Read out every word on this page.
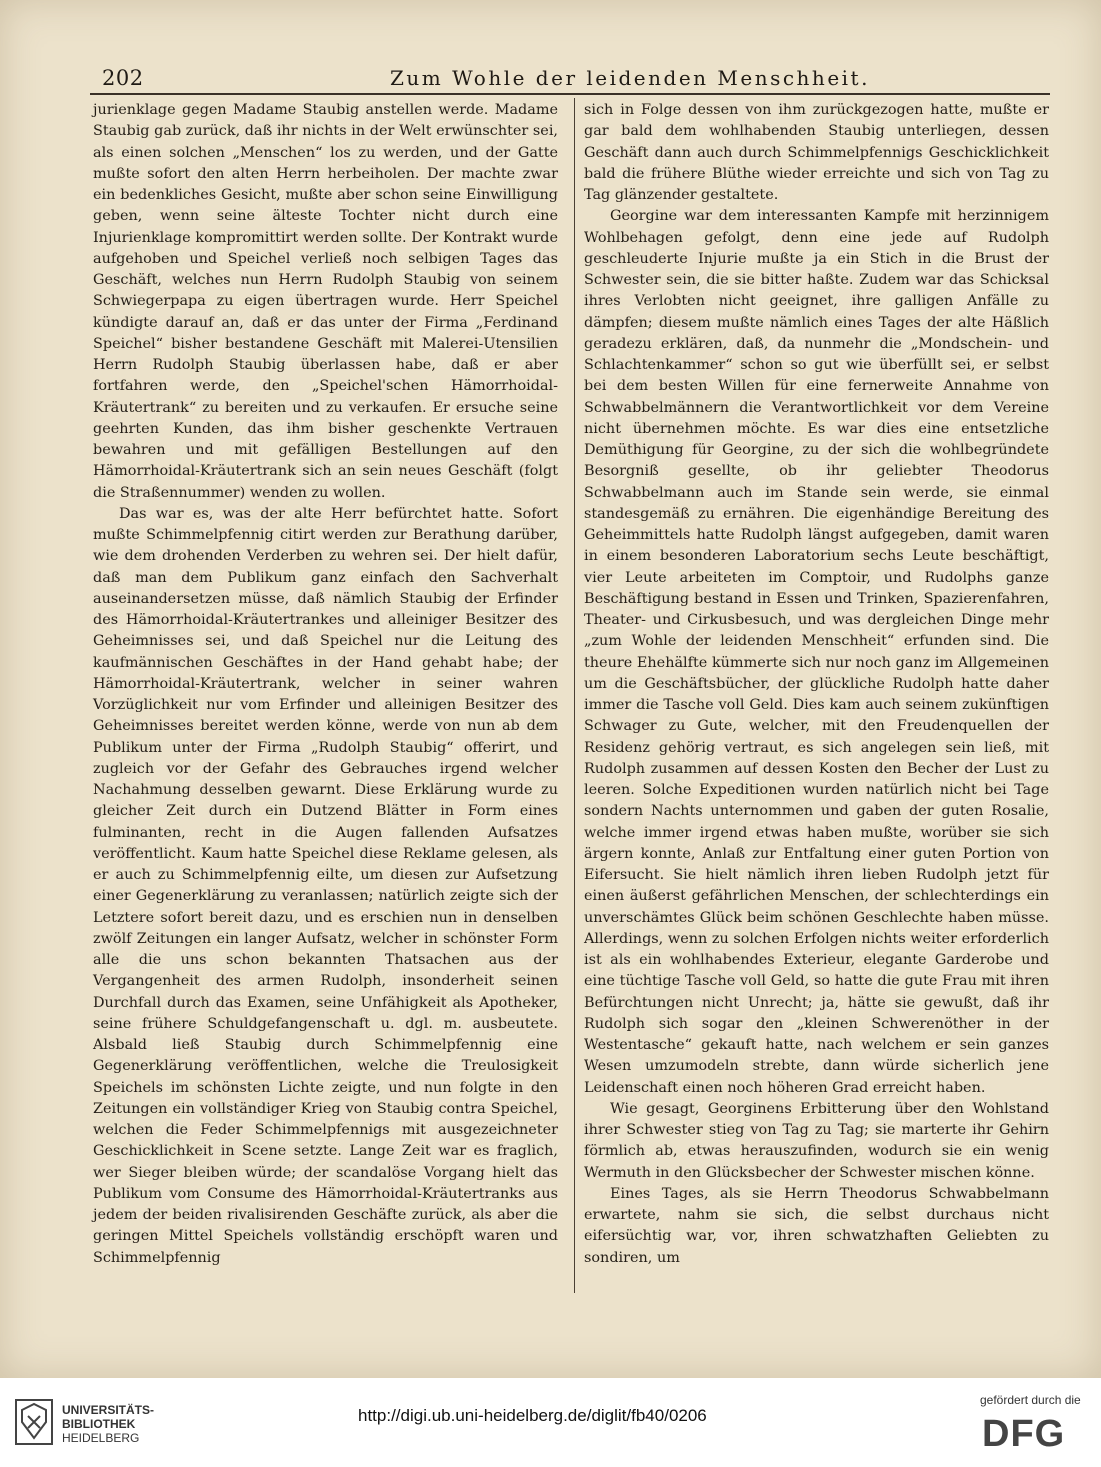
202	Zum Wohle der leidenden Menschheit.

jurienklage gegen Madame Staubig anstellen werde. Madame Staubig gab zurück, daß ihr nichts in der Welt erwünschter sei, als einen solchen „Menschen“ los zu werden, und der Gatte mußte sofort den alten Herrn herbeiholen. Der machte zwar ein bedenkliches Gesicht, mußte aber schon seine Einwilligung geben, wenn seine älteste Tochter nicht durch eine Injurienklage kompromittirt werden sollte. Der Kontrakt wurde aufgehoben und Speichel verließ noch selbigen Tages das Geschäft, welches nun Herrn Rudolph Staubig von seinem Schwiegerpapa zu eigen übertragen wurde. Herr Speichel kündigte darauf an, daß er das unter der Firma „Ferdinand Speichel“ bisher bestandene Geschäft mit Malerei-Utensilien Herrn Rudolph Staubig überlassen habe, daß er aber fortfahren werde, den „Speichel'schen Hämorrhoidal-Kräutertrank“ zu bereiten und zu verkaufen. Er ersuche seine geehrten Kunden, das ihm bisher geschenkte Vertrauen bewahren und mit gefälligen Bestellungen auf den Hämorrhoidal-Kräutertrank sich an sein neues Geschäft (folgt die Straßennummer) wenden zu wollen.

Das war es, was der alte Herr befürchtet hatte. Sofort mußte Schimmelpfennig citirt werden zur Berathung darüber, wie dem drohenden Verderben zu wehren sei. Der hielt dafür, daß man dem Publikum ganz einfach den Sachverhalt auseinandersetzen müsse, daß nämlich Staubig der Erfinder des Hämorrhoidal-Kräutertrankes und alleiniger Besitzer des Geheimnisses sei, und daß Speichel nur die Leitung des kaufmännischen Geschäftes in der Hand gehabt habe; der Hämorrhoidal-Kräutertrank, welcher in seiner wahren Vorzüglichkeit nur vom Erfinder und alleinigen Besitzer des Geheimnisses bereitet werden könne, werde von nun ab dem Publikum unter der Firma „Rudolph Staubig“ offerirt, und zugleich vor der Gefahr des Gebrauches irgend welcher Nachahmung desselben gewarnt. Diese Erklärung wurde zu gleicher Zeit durch ein Dutzend Blätter in Form eines fulminanten, recht in die Augen fallenden Aufsatzes veröffentlicht. Kaum hatte Speichel diese Reklame gelesen, als er auch zu Schimmelpfennig eilte, um diesen zur Aufsetzung einer Gegenerklärung zu veranlassen; natürlich zeigte sich der Letztere sofort bereit dazu, und es erschien nun in denselben zwölf Zeitungen ein langer Aufsatz, welcher in schönster Form alle die uns schon bekannten Thatsachen aus der Vergangenheit des armen Rudolph, insonderheit seinen Durchfall durch das Examen, seine Unfähigkeit als Apotheker, seine frühere Schuldgefangenschaft u. dgl. m. ausbeutete. Alsbald ließ Staubig durch Schimmelpfennig eine Gegenerklärung veröffentlichen, welche die Treulosigkeit Speichels im schönsten Lichte zeigte, und nun folgte in den Zeitungen ein vollständiger Krieg von Staubig contra Speichel, welchen die Feder Schimmelpfennigs mit ausgezeichneter Geschicklichkeit in Scene setzte. Lange Zeit war es fraglich, wer Sieger bleiben würde; der scandalöse Vorgang hielt das Publikum vom Consume des Hämorrhoidal-Kräutertranks aus jedem der beiden rivalisirenden Geschäfte zurück, als aber die geringen Mittel Speichels vollständig erschöpft waren und Schimmelpfennig

sich in Folge dessen von ihm zurückgezogen hatte, mußte er gar bald dem wohlhabenden Staubig unterliegen, dessen Geschäft dann auch durch Schimmelpfennigs Geschicklichkeit bald die frühere Blüthe wieder erreichte und sich von Tag zu Tag glänzender gestaltete.

Georgine war dem interessanten Kampfe mit herzinnigem Wohlbehagen gefolgt, denn eine jede auf Rudolph geschleuderte Injurie mußte ja ein Stich in die Brust der Schwester sein, die sie bitter haßte. Zudem war das Schicksal ihres Verlobten nicht geeignet, ihre galligen Anfälle zu dämpfen; diesem mußte nämlich eines Tages der alte Häßlich geradezu erklären, daß, da nunmehr die „Mondschein- und Schlachtenkammer“ schon so gut wie überfüllt sei, er selbst bei dem besten Willen für eine fernerweite Annahme von Schwabbelmännern die Verantwortlichkeit vor dem Vereine nicht übernehmen möchte. Es war dies eine entsetzliche Demüthigung für Georgine, zu der sich die wohlbegründete Besorgniß gesellte, ob ihr geliebter Theodorus Schwabbelmann auch im Stande sein werde, sie einmal standesgemäß zu ernähren. Die eigenhändige Bereitung des Geheimmittels hatte Rudolph längst aufgegeben, damit waren in einem besonderen Laboratorium sechs Leute beschäftigt, vier Leute arbeiteten im Comptoir, und Rudolphs ganze Beschäftigung bestand in Essen und Trinken, Spazierenfahren, Theater- und Cirkusbesuch, und was dergleichen Dinge mehr „zum Wohle der leidenden Menschheit“ erfunden sind. Die theure Ehehälfte kümmerte sich nur noch ganz im Allgemeinen um die Geschäftsbücher, der glückliche Rudolph hatte daher immer die Tasche voll Geld. Dies kam auch seinem zukünftigen Schwager zu Gute, welcher, mit den Freudenquellen der Residenz gehörig vertraut, es sich angelegen sein ließ, mit Rudolph zusammen auf dessen Kosten den Becher der Lust zu leeren. Solche Expeditionen wurden natürlich nicht bei Tage sondern Nachts unternommen und gaben der guten Rosalie, welche immer irgend etwas haben mußte, worüber sie sich ärgern konnte, Anlaß zur Entfaltung einer guten Portion von Eifersucht. Sie hielt nämlich ihren lieben Rudolph jetzt für einen äußerst gefährlichen Menschen, der schlechterdings ein unverschämtes Glück beim schönen Geschlechte haben müsse. Allerdings, wenn zu solchen Erfolgen nichts weiter erforderlich ist als ein wohlhabendes Exterieur, elegante Garderobe und eine tüchtige Tasche voll Geld, so hatte die gute Frau mit ihren Befürchtungen nicht Unrecht; ja, hätte sie gewußt, daß ihr Rudolph sich sogar den „kleinen Schwerenöther in der Westentasche“ gekauft hatte, nach welchem er sein ganzes Wesen umzumodeln strebte, dann würde sicherlich jene Leidenschaft einen noch höheren Grad erreicht haben.

Wie gesagt, Georginens Erbitterung über den Wohlstand ihrer Schwester stieg von Tag zu Tag; sie marterte ihr Gehirn förmlich ab, etwas herauszufinden, wodurch sie ein wenig Wermuth in den Glücksbecher der Schwester mischen könne.

Eines Tages, als sie Herrn Theodorus Schwabbelmann erwartete, nahm sie sich, die selbst durchaus nicht eifersüchtig war, vor, ihren schwatzhaften Geliebten zu sondiren, um

UNIVERSITÄTS-
BIBLIOTHEK
HEIDELBERG
http://digi.ub.uni-heidelberg.de/diglit/fb40/0206
gefördert durch die
DFG
